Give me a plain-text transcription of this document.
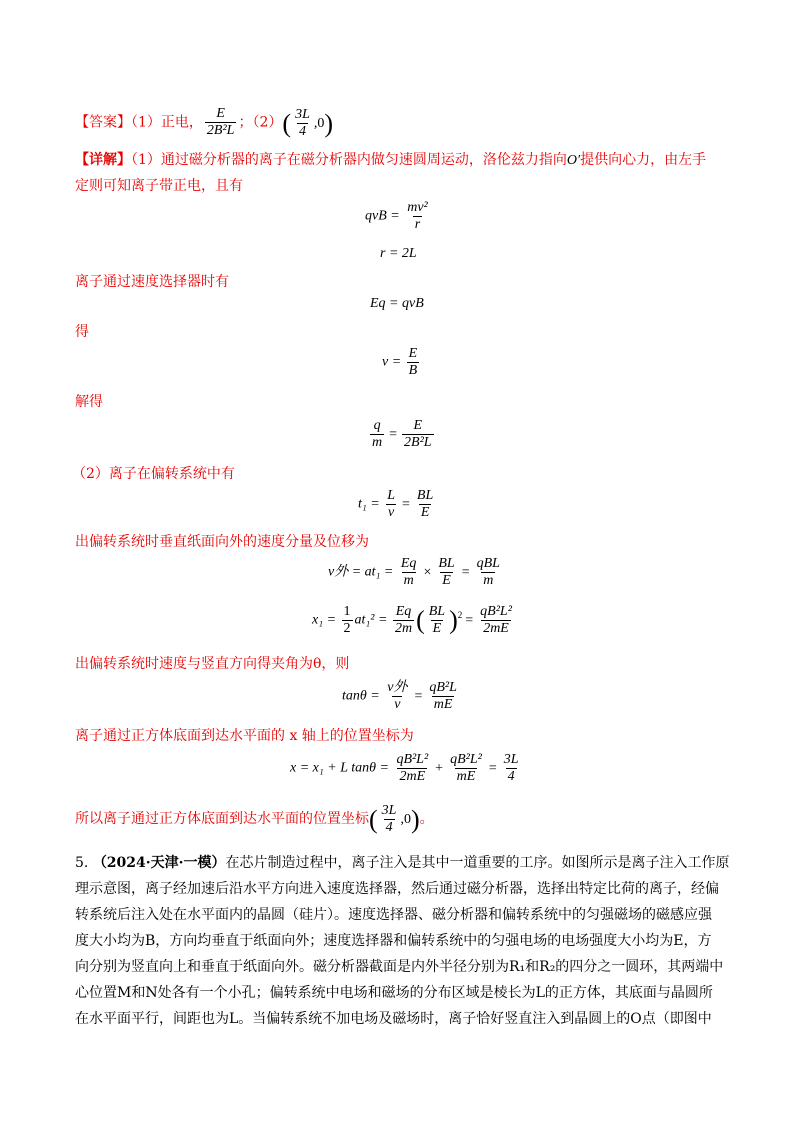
【答案】（1）正电， $\frac{E}{\text{2B²L}}$ ；$(2)( \frac{3L}{4} ,0)$
【详解】（1）通过磁分析器的离子在磁分析器内做匀速圆周运动，洛伦兹力指向O′提供向心力，由左手
定则可知离子带正电，且有
qvB = $\frac{\text{mv²}}{r}$
r = 2L
离子通过速度选择器时有
Eq = qvB
得
$v = \frac{E}{B}$
解得
$\frac{q}{m} = \frac{E}{\text{2B²L}}$
（2）离子在偏转系统中有
$t_1 = \frac{L}{v} = \frac{BL}{E}$
出偏转系统时垂直纸面向外的速度分量及位移为
v外 = $at_1 = \frac{Eq}{m} \times \frac{BL}{E} = \frac{\text{qBL}}{m}$
$x_1 = \frac{1}{2} at_1^2 = \frac{Eq}{2m}$ ( $\frac{BL}{E} )^2 = \frac{\text{qB²L²}}{2mE}$
出偏转系统时速度与竖直方向得夹角为θ，则
$\tan\theta = \frac{\text{v外}}{v} = \frac{\text{qB²L}}{mE}$
离子通过正方体底面到达水平面的 x 轴上的位置坐标为
x = x₁ + L $\tan\theta = \frac{\text{qB²L²}}{2mE} + \frac{\text{qB²L²}}{mE} = \frac{3L}{4}$
所以离子通过正方体底面到达水平面的位置坐标( $\frac{3L}{4} ,0$)。
5. （2024·天津·一模）在芯片制造过程中，离子注入是其中一道重要的工序。如图所示是离子注入工作原
理示意图，离子经加速后沿水平方向进入速度选择器，然后通过磁分析器，选择出特定比荷的离子，经偏
转系统后注入处在水平面内的晶圆（硅片）。速度选择器、磁分析器和偏转系统中的匀强磁场的磁感应强
度大小均为B，方向均垂直于纸面向外；速度选择器和偏转系统中的匀强电场的电场强度大小均为E，方
向分别为竖直向上和垂直于纸面向外。磁分析器截面是内外半径分别为R₁和R₂的四分之一圆环，其两端中
心位置M和N处各有一个小孔；偏转系统中电场和磁场的分布区域是棱长为L的正方体，其底面与晶圆所
在水平面平行，间距也为L。当偏转系统不加电场及磁场时，离子恰好竖直注入到晶圆上的O点（即图中
